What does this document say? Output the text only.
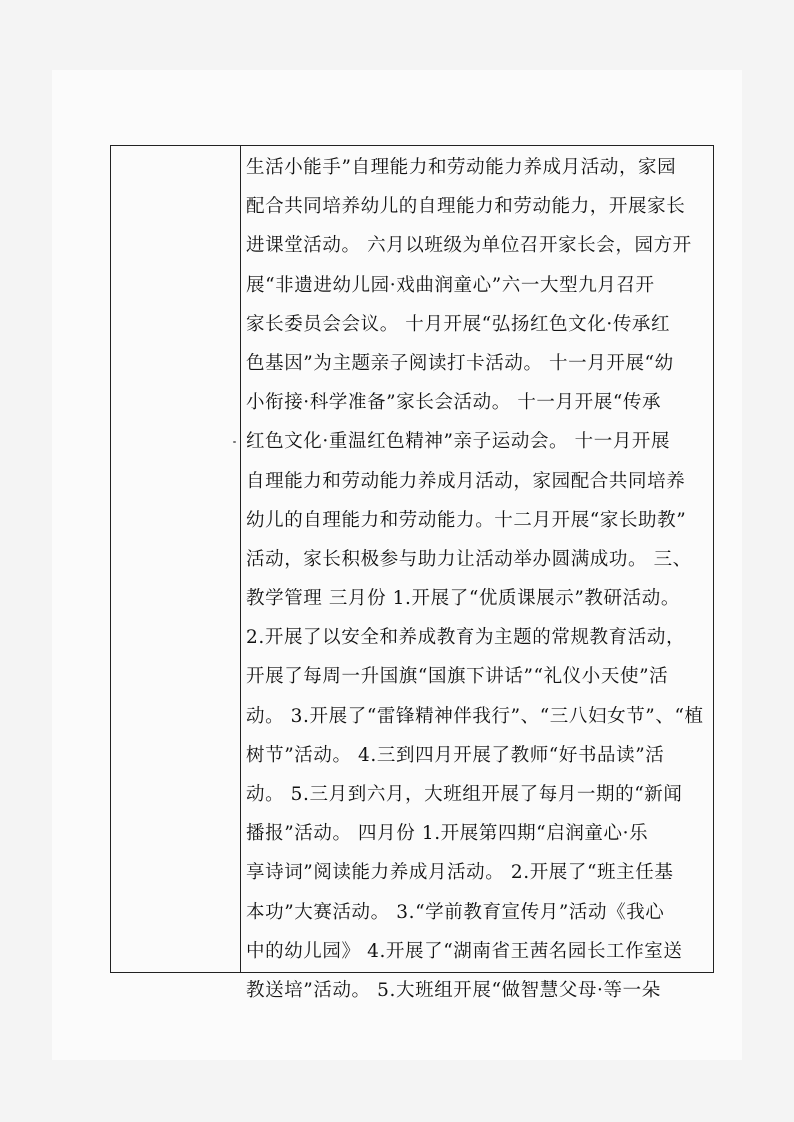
生活小能手”自理能力和劳动能力养成月活动，家园
配合共同培养幼儿的自理能力和劳动能力，开展家长
进课堂活动。 六月以班级为单位召开家长会，园方开
展“非遗进幼儿园·戏曲润童心”六一大型九月召开
家长委员会会议。 十月开展“弘扬红色文化·传承红
色基因”为主题亲子阅读打卡活动。 十一月开展“幼
小衔接·科学准备”家长会活动。 十一月开展“传承
红色文化·重温红色精神”亲子运动会。 十一月开展
自理能力和劳动能力养成月活动，家园配合共同培养
幼儿的自理能力和劳动能力。十二月开展“家长助教”
活动，家长积极参与助力让活动举办圆满成功。 三、
教学管理 三月份 1.开展了“优质课展示”教研活动。
2.开展了以安全和养成教育为主题的常规教育活动，
开展了每周一升国旗“国旗下讲话”“礼仪小天使”活
动。 3.开展了“雷锋精神伴我行”、“三八妇女节”、“植
树节”活动。 4.三到四月开展了教师“好书品读”活
动。 5.三月到六月，大班组开展了每月一期的“新闻
播报”活动。 四月份 1.开展第四期“启润童心·乐
享诗词”阅读能力养成月活动。 2.开展了“班主任基
本功”大赛活动。 3.“学前教育宣传月”活动《我心
中的幼儿园》 4.开展了“湖南省王茜名园长工作室送
教送培”活动。 5.大班组开展“做智慧父母·等一朵
